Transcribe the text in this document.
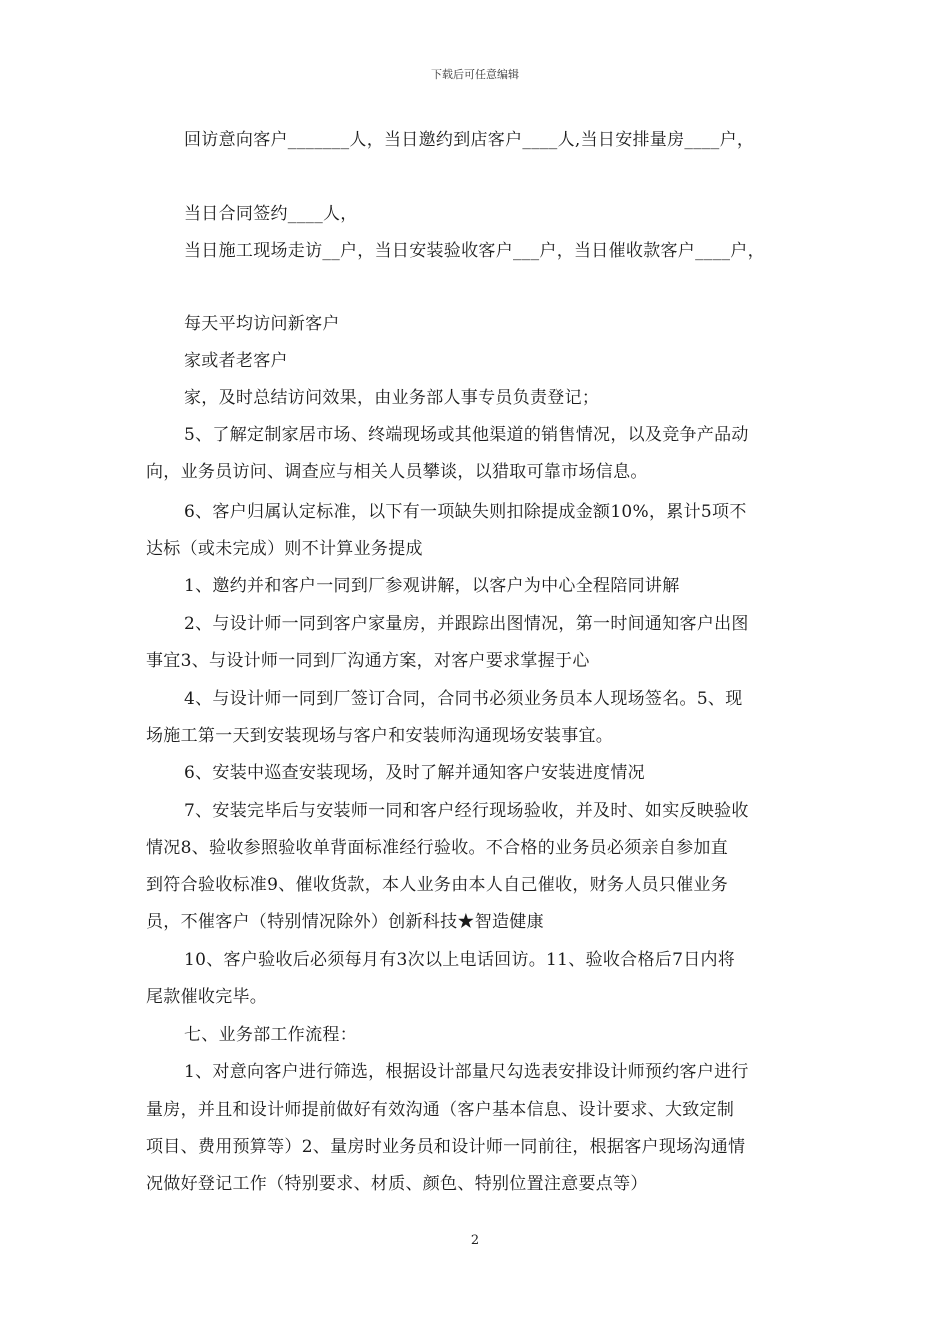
下载后可任意编辑
回访意向客户_______人，当日邀约到店客户____人,当日安排量房____户，
当日合同签约____人，
当日施工现场走访__户，当日安装验收客户___户，当日催收款客户____户，
每天平均访问新客户
家或者老客户
家，及时总结访问效果，由业务部人事专员负责登记；
5、了解定制家居市场、终端现场或其他渠道的销售情况，以及竞争产品动
向，业务员访问、调查应与相关人员攀谈，以猎取可靠市场信息。
6、客户归属认定标准，以下有一项缺失则扣除提成金额10%，累计5项不
达标（或未完成）则不计算业务提成
1、邀约并和客户一同到厂参观讲解，以客户为中心全程陪同讲解
2、与设计师一同到客户家量房，并跟踪出图情况，第一时间通知客户出图
事宜3、与设计师一同到厂沟通方案，对客户要求掌握于心
4、与设计师一同到厂签订合同，合同书必须业务员本人现场签名。5、现
场施工第一天到安装现场与客户和安装师沟通现场安装事宜。
6、安装中巡查安装现场，及时了解并通知客户安装进度情况
7、安装完毕后与安装师一同和客户经行现场验收，并及时、如实反映验收
情况8、验收参照验收单背面标准经行验收。不合格的业务员必须亲自参加直
到符合验收标准9、催收货款，本人业务由本人自己催收，财务人员只催业务
员，不催客户（特别情况除外）创新科技★智造健康
10、客户验收后必须每月有3次以上电话回访。11、验收合格后7日内将
尾款催收完毕。
七、业务部工作流程：
1、对意向客户进行筛选，根据设计部量尺勾选表安排设计师预约客户进行
量房，并且和设计师提前做好有效沟通（客户基本信息、设计要求、大致定制
项目、费用预算等）2、量房时业务员和设计师一同前往，根据客户现场沟通情
况做好登记工作（特别要求、材质、颜色、特别位置注意要点等）
2
